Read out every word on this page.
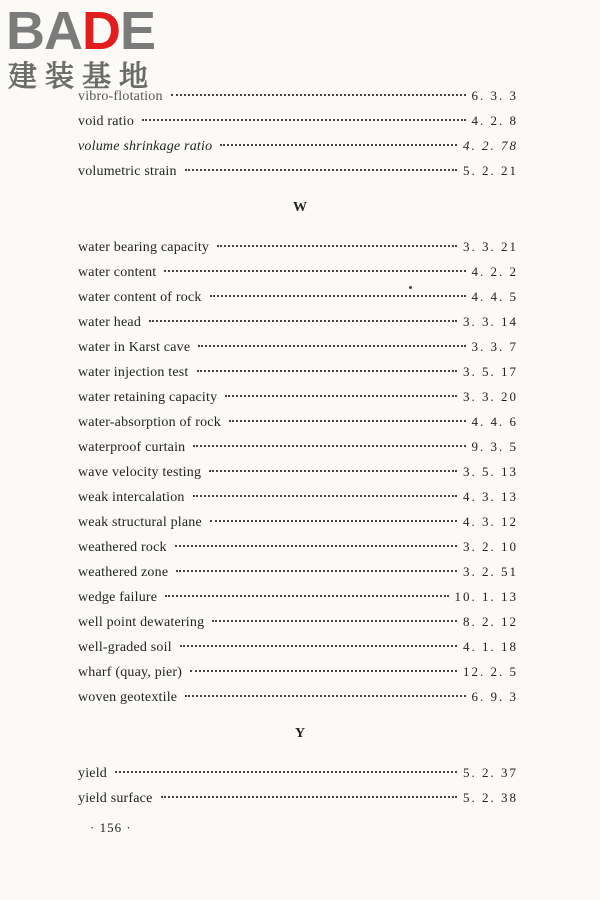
BADE
建装基地
vibro-flotation	6. 3. 3
void ratio	4. 2. 8
volume shrinkage ratio	4. 2. 78
volumetric strain	5. 2. 21
W
water bearing capacity	3. 3. 21
water content	4. 2. 2
water content of rock	4. 4. 5
water head	3. 3. 14
water in Karst cave	3. 3. 7
water injection test	3. 5. 17
water retaining capacity	3. 3. 20
water-absorption of rock	4. 4. 6
waterproof curtain	9. 3. 5
wave velocity testing	3. 5. 13
weak intercalation	4. 3. 13
weak structural plane	4. 3. 12
weathered rock	3. 2. 10
weathered zone	3. 2. 51
wedge failure	10. 1. 13
well point dewatering	8. 2. 12
well-graded soil	4. 1. 18
wharf (quay, pier)	12. 2. 5
woven geotextile	6. 9. 3
Y
yield	5. 2. 37
yield surface	5. 2. 38
· 156 ·
